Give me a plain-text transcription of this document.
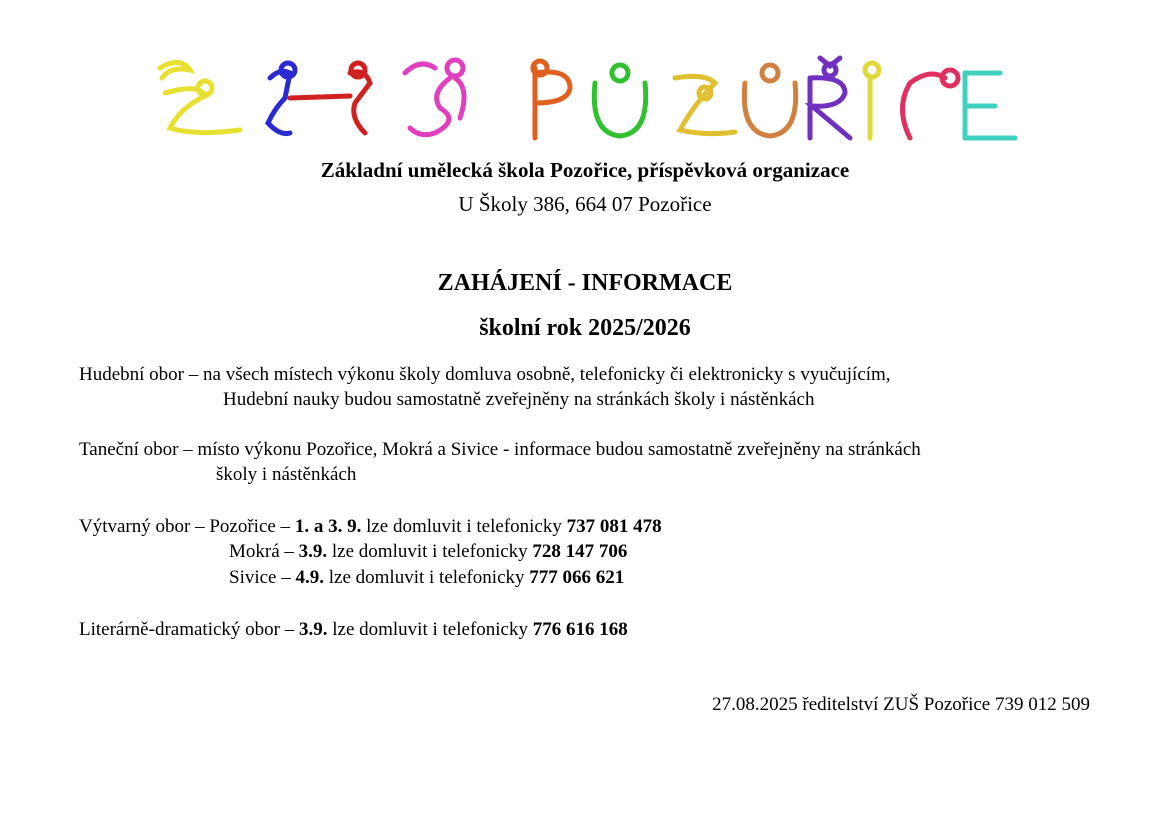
Základní umělecká škola Pozořice, příspěvková organizace
U Školy 386, 664 07 Pozořice
ZAHÁJENÍ - INFORMACE
školní rok 2025/2026
Hudební obor – na všech místech výkonu školy domluva osobně, telefonicky či elektronicky s vyučujícím,
Hudební nauky budou samostatně zveřejněny na stránkách školy i nástěnkách
Taneční obor – místo výkonu Pozořice, Mokrá a Sivice - informace budou samostatně zveřejněny na stránkách
školy i nástěnkách
Výtvarný obor – Pozořice – 1. a 3. 9. lze domluvit i telefonicky 737 081 478
Mokrá – 3.9. lze domluvit i telefonicky 728 147 706
Sivice – 4.9. lze domluvit i telefonicky 777 066 621
Literárně-dramatický obor – 3.9. lze domluvit i telefonicky 776 616 168
27.08.2025 ředitelství ZUŠ Pozořice 739 012 509
